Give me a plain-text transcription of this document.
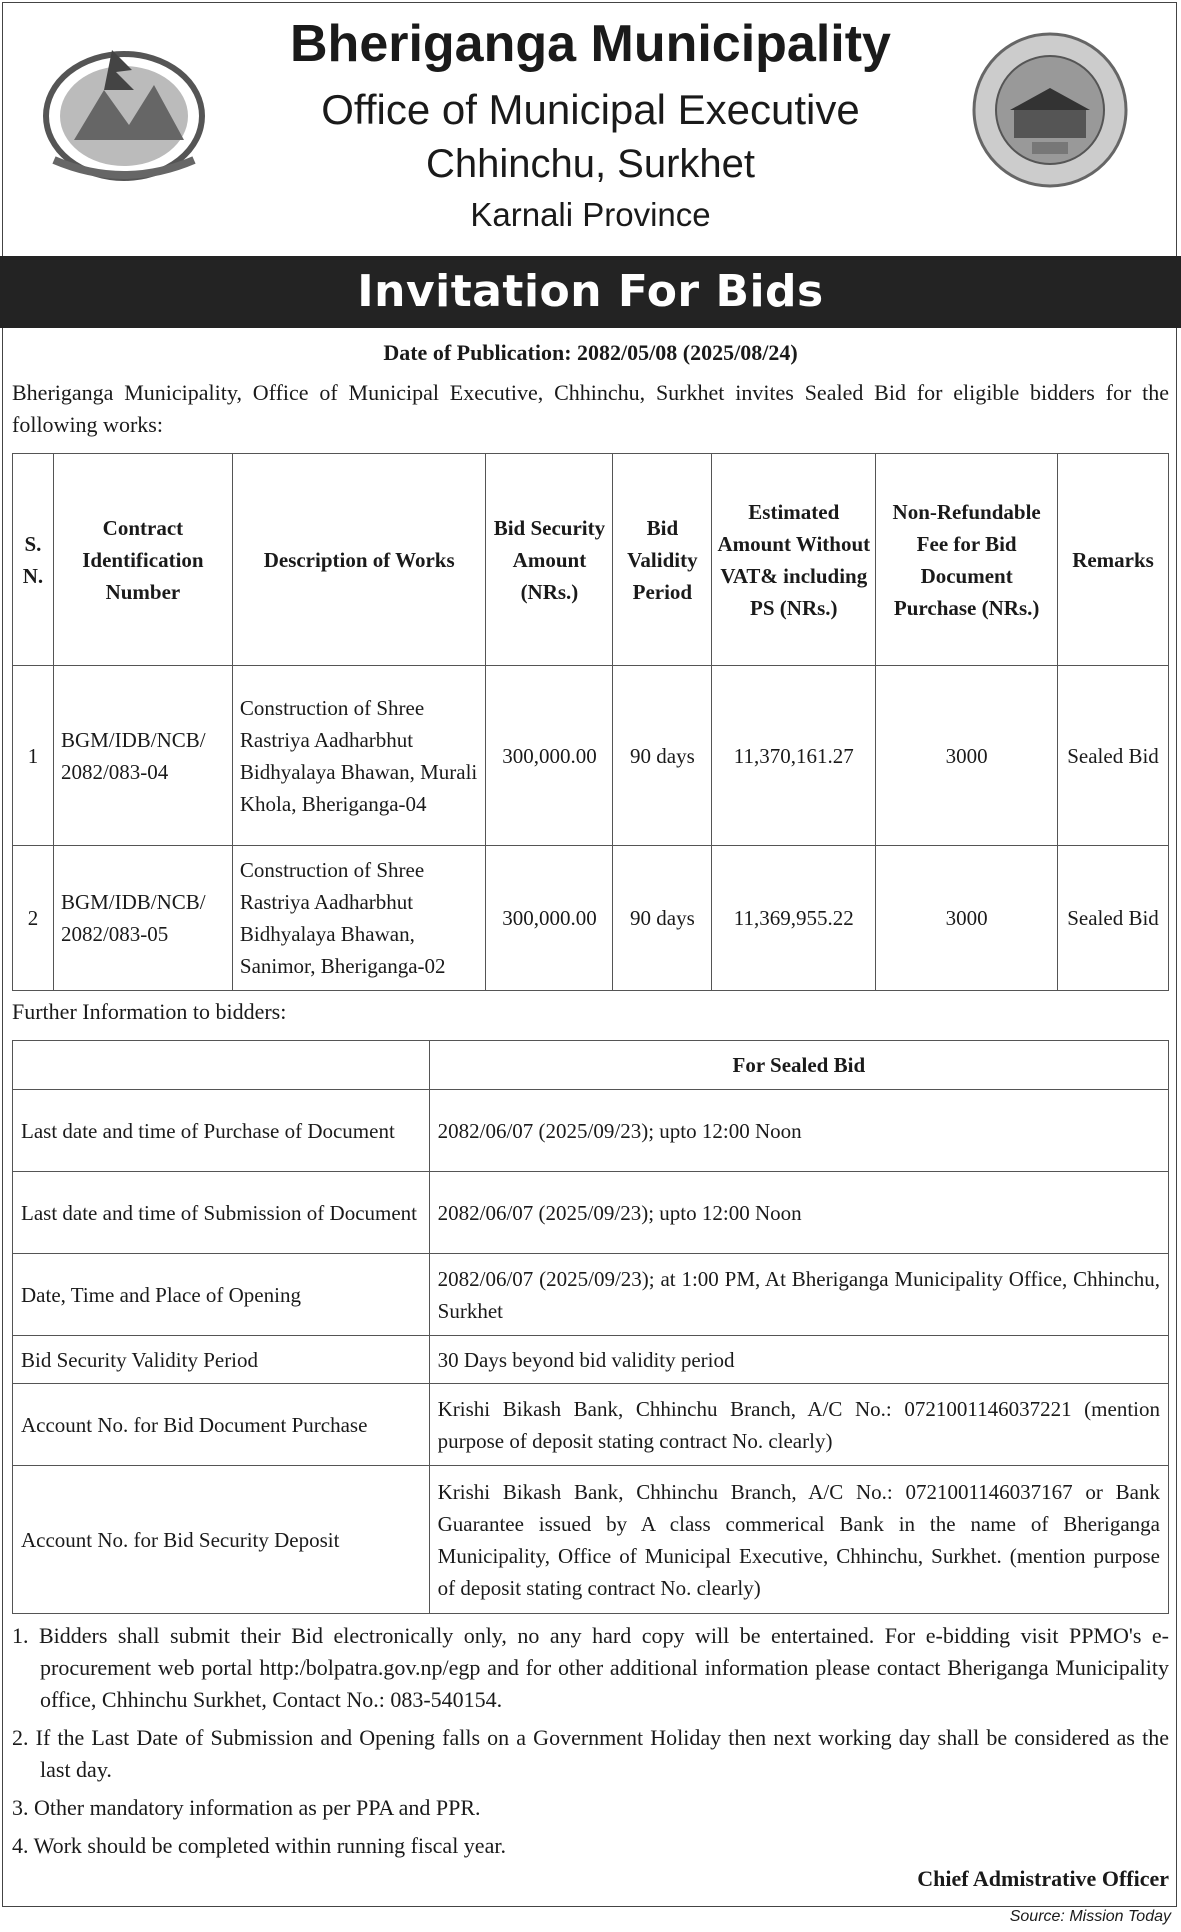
Bheriganga Municipality
Office of Municipal Executive
Chhinchu, Surkhet
Karnali Province
Invitation For Bids
Date of Publication: 2082/05/08 (2025/08/24)
Bheriganga Municipality, Office of Municipal Executive, Chhinchu, Surkhet invites Sealed Bid for eligible bidders for the following works:
S. N.	Contract Identification Number	Description of Works	Bid Security Amount (NRs.)	Bid Validity Period	Estimated Amount Without VAT& including PS (NRs.)	Non-Refundable Fee for Bid Document Purchase (NRs.)	Remarks
1	BGM/IDB/NCB/ 2082/083-04	Construction of Shree Rastriya Aadharbhut Bidhyalaya Bhawan, Murali Khola, Bheriganga-04	300,000.00	90 days	11,370,161.27	3000	Sealed Bid
2	BGM/IDB/NCB/ 2082/083-05	Construction of Shree Rastriya Aadharbhut Bidhyalaya Bhawan, Sanimor, Bheriganga-02	300,000.00	90 days	11,369,955.22	3000	Sealed Bid
Further Information to bidders:
	For Sealed Bid
Last date and time of Purchase of Document	2082/06/07 (2025/09/23); upto 12:00 Noon
Last date and time of Submission of Document	2082/06/07 (2025/09/23); upto 12:00 Noon
Date, Time and Place of Opening	2082/06/07 (2025/09/23); at 1:00 PM, At Bheriganga Municipality Office, Chhinchu, Surkhet
Bid Security Validity Period	30 Days beyond bid validity period
Account No. for Bid Document Purchase	Krishi Bikash Bank, Chhinchu Branch, A/C No.: 0721001146037221 (mention purpose of deposit stating contract No. clearly)
Account No. for Bid Security Deposit	Krishi Bikash Bank, Chhinchu Branch, A/C No.: 0721001146037167 or Bank Guarantee issued by A class commerical Bank in the name of Bheriganga Municipality, Office of Municipal Executive, Chhinchu, Surkhet. (mention purpose of deposit stating contract No. clearly)
1. Bidders shall submit their Bid electronically only, no any hard copy will be entertained. For e-bidding visit PPMO's e-procurement web portal http:/bolpatra.gov.np/egp and for other additional information please contact Bheriganga Municipality office, Chhinchu Surkhet, Contact No.: 083-540154.
2. If the Last Date of Submission and Opening falls on a Government Holiday then next working day shall be considered as the last day.
3. Other mandatory information as per PPA and PPR.
4. Work should be completed within running fiscal year.
Chief Admistrative Officer
Source: Mission Today
